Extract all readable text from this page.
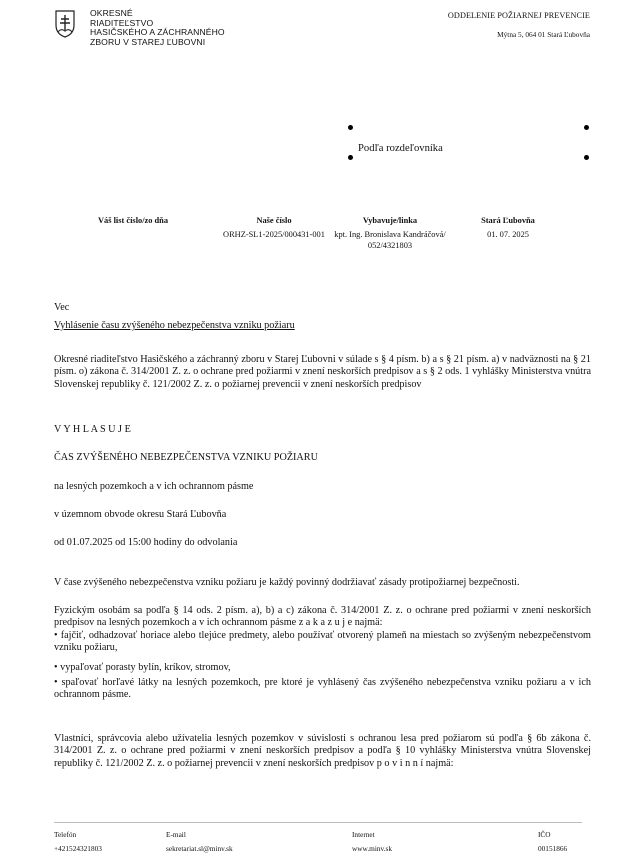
OKRESNÉ
RIADITEĽSTVO
HASIČSKÉHO A ZÁCHRANNÉHO
ZBORU V STAREJ ĽUBOVNI
ODDELENIE POŽIARNEJ PREVENCIE
Mýtna 5, 064 01 Stará Ľubovňa
Podľa rozdeľovníka
Váš list číslo/zo dňa	Naše číslo
ORHZ-SL1-2025/000431-001
Vybavuje/linka
kpt. Ing. Bronislava Kandráčová/
052/4321803
Stará Ľubovňa
01. 07. 2025
Vec
Vyhlásenie času zvýšeného nebezpečenstva vzniku požiaru
Okresné riaditeľstvo Hasičského a záchranný zboru v Starej Ľubovni v súlade s § 4 písm. b) a s § 21 písm. a) v nadväznosti na § 21 písm. o) zákona č. 314/2001 Z. z. o ochrane pred požiarmi v znení neskorších predpisov a s § 2 ods. 1 vyhlášky Ministerstva vnútra Slovenskej republiky č. 121/2002 Z. z. o požiarnej prevencii v znení neskorších predpisov
V Y H L A S U J E
ČAS ZVÝŠENÉHO NEBEZPEČENSTVA VZNIKU POŽIARU
na lesných pozemkoch a v ich ochrannom pásme
v územnom obvode okresu Stará Ľubovňa
od 01.07.2025 od 15:00 hodiny do odvolania
V čase zvýšeného nebezpečenstva vzniku požiaru je každý povinný dodržiavať zásady protipožiarnej bezpečnosti.
Fyzickým osobám sa podľa § 14 ods. 2 písm. a), b) a c) zákona č. 314/2001 Z. z. o ochrane pred požiarmi v znení neskorších predpisov na lesných pozemkoch a v ich ochrannom pásme z a k a z u j e najmä:
• fajčiť, odhadzovať horiace alebo tlejúce predmety, alebo používať otvorený plameň na miestach so zvýšeným nebezpečenstvom vzniku požiaru,
• vypaľovať porasty bylín, kríkov, stromov,
• spaľovať horľavé látky na lesných pozemkoch, pre ktoré je vyhlásený čas zvýšeného nebezpečenstva vzniku požiaru a v ich ochrannom pásme.
Vlastníci, správcovia alebo užívatelia lesných pozemkov v súvislosti s ochranou lesa pred požiarom sú podľa § 6b zákona č. 314/2001 Z. z. o ochrane pred požiarmi v znení neskorších predpisov a podľa § 10 vyhlášky Ministerstva vnútra Slovenskej republiky č. 121/2002 Z. z. o požiarnej prevencii v znení neskorších predpisov p o v i n n í najmä:
Telefón
+421524321803
E-mail
sekretariat.sl@minv.sk
Internet
www.minv.sk
IČO
00151866
